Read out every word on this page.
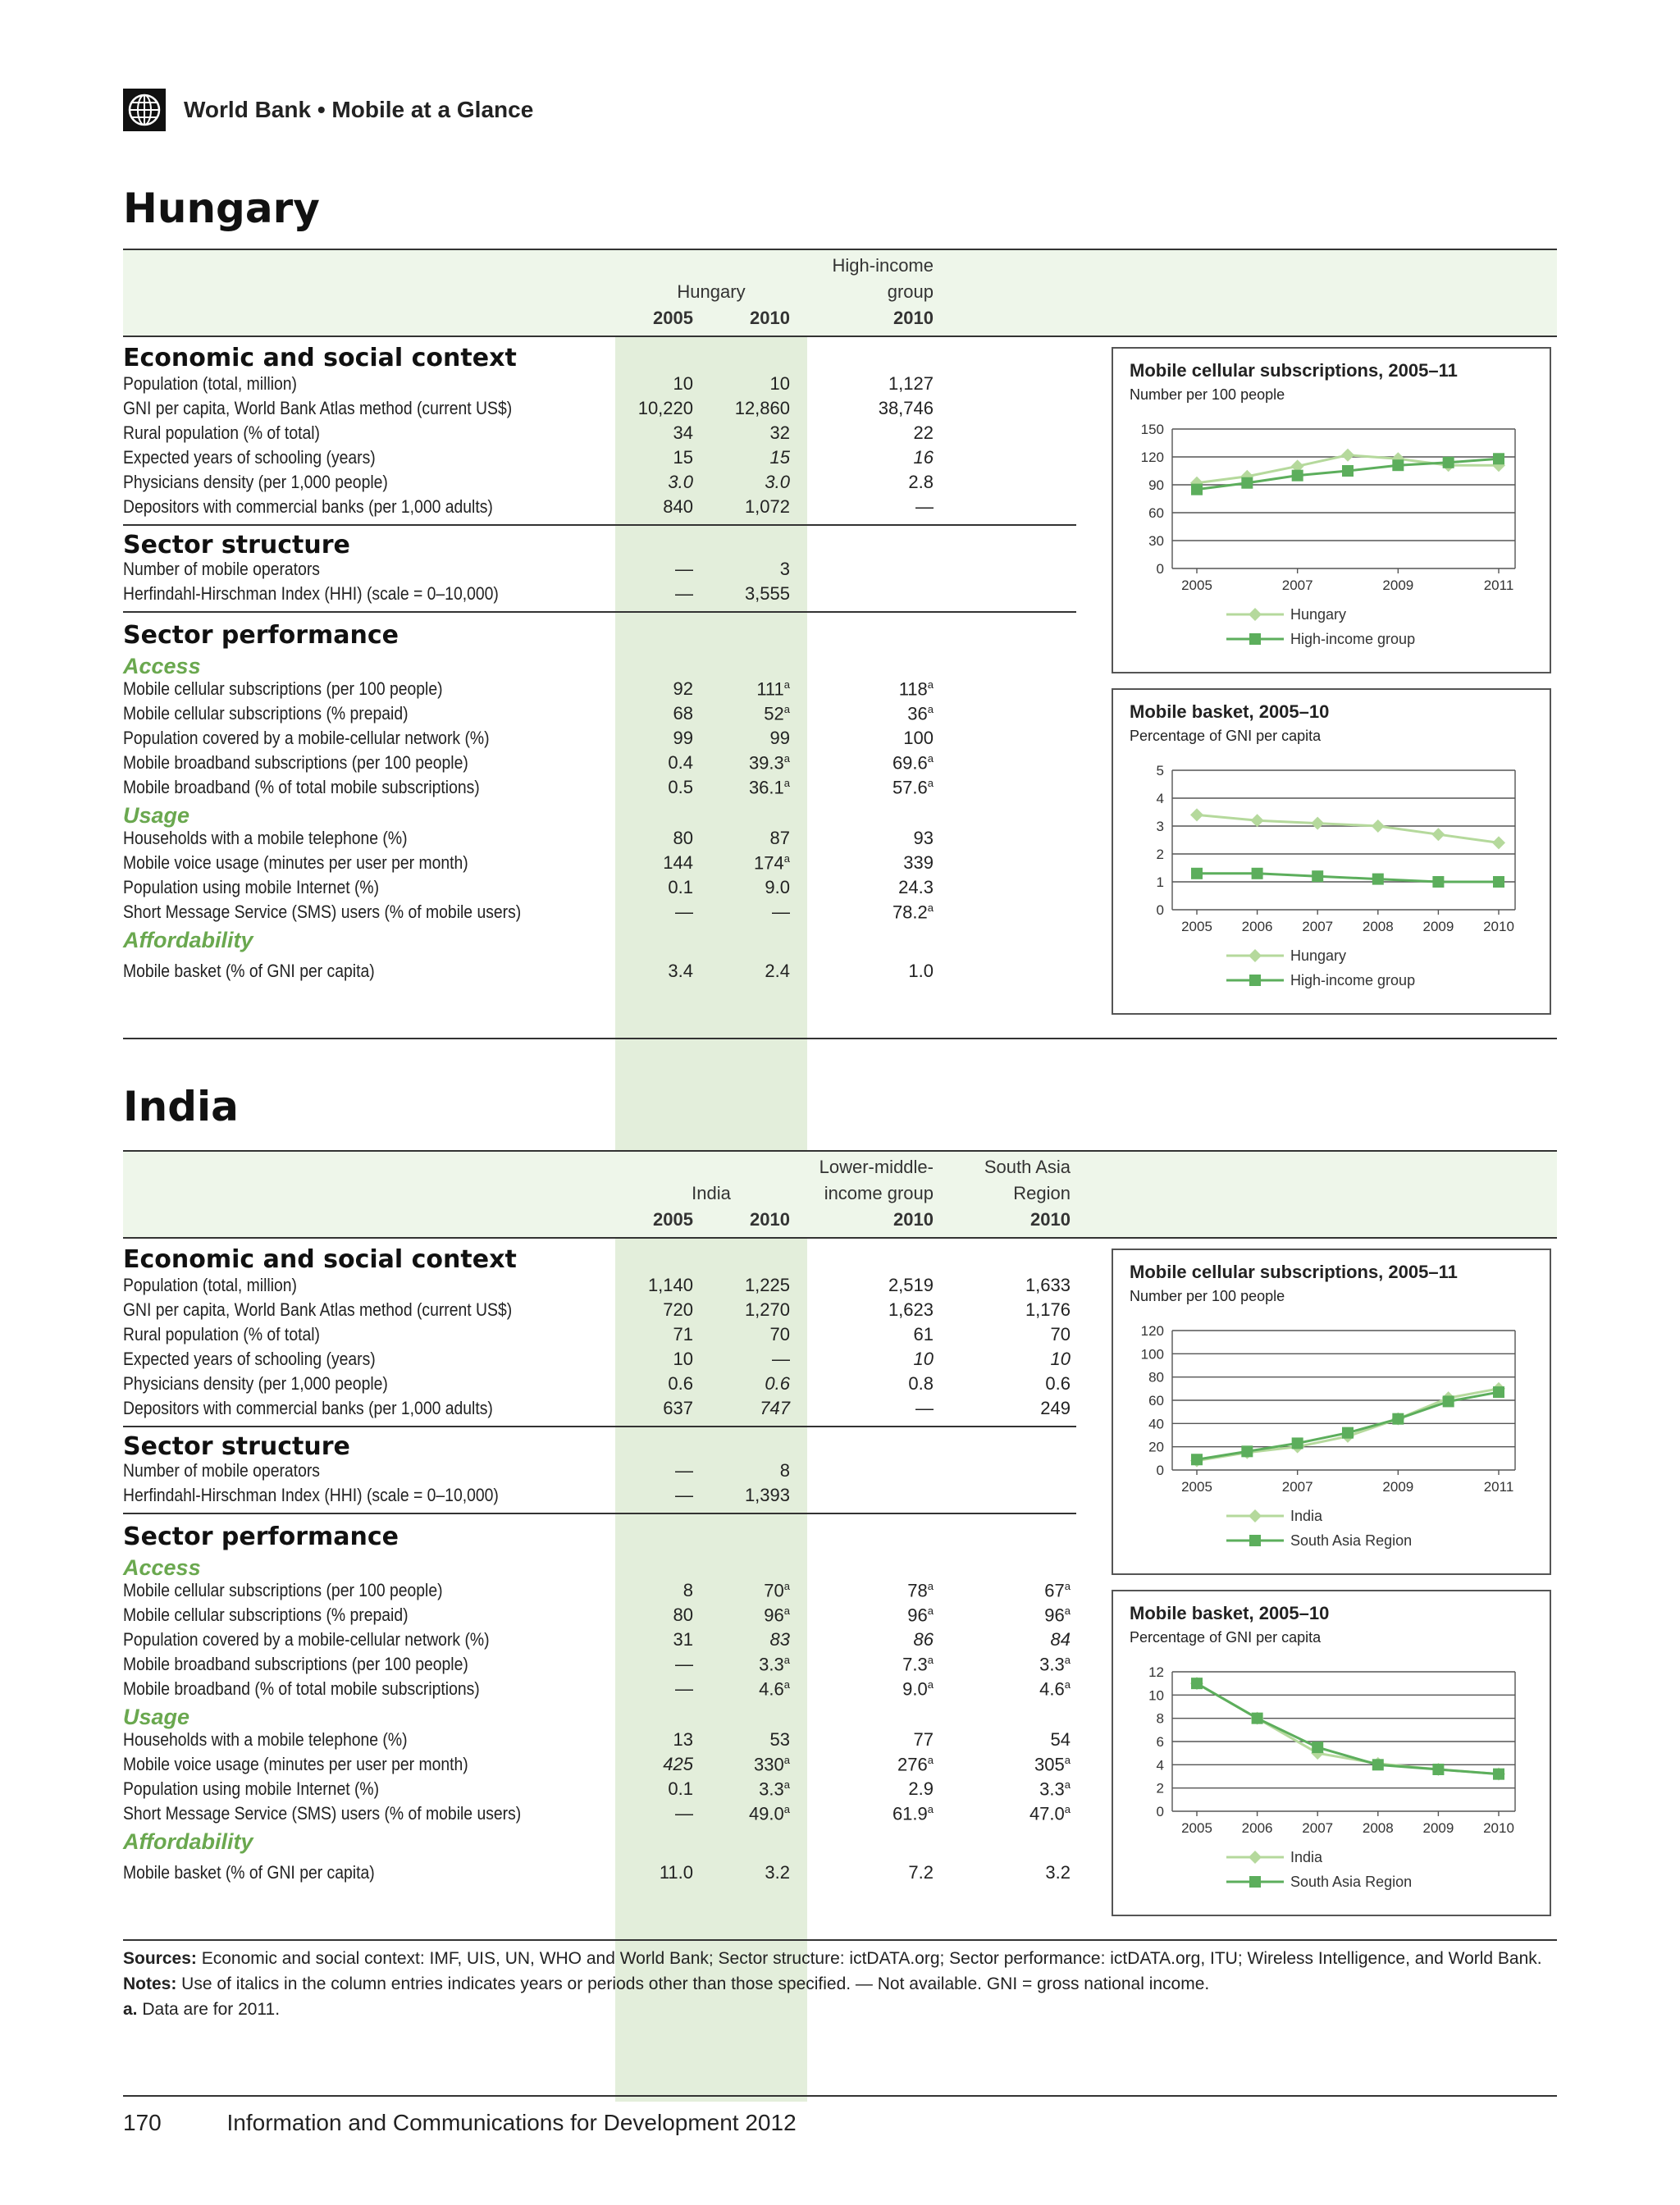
World Bank • Mobile at a Glance
Hungary
Hungary
2005	2010
High-income
group
2010
Economic and social context
Population (total, million)	10	10	1,127
GNI per capita, World Bank Atlas method (current US$)	10,220	12,860	38,746
Rural population (% of total)	34	32	22
Expected years of schooling (years)	15	15	16
Physicians density (per 1,000 people)	3.0	3.0	2.8
Depositors with commercial banks (per 1,000 adults)	840	1,072	—
Sector structure
Number of mobile operators	—	3
Herfindahl-Hirschman Index (HHI) (scale = 0–10,000)	—	3,555
Sector performance
Access
Mobile cellular subscriptions (per 100 people)	92	111$^a$	118$^a$
Mobile cellular subscriptions (% prepaid)	68	52$^a$	36$^a$
Population covered by a mobile-cellular network (%)	99	99	100
Mobile broadband subscriptions (per 100 people)	0.4	39.3$^a$	69.6$^a$
Mobile broadband (% of total mobile subscriptions)	0.5	36.1$^a$	57.6$^a$
Usage
Households with a mobile telephone (%)	80	87	93
Mobile voice usage (minutes per user per month)	144	174$^a$	339
Population using mobile Internet (%)	0.1	9.0	24.3
Short Message Service (SMS) users (% of mobile users)	—	—	78.2$^a$
Affordability
Mobile basket (% of GNI per capita)	3.4	2.4	1.0
Mobile cellular subscriptions, 2005–11
Number per 100 people
0
30
60
90
120
150
2005	2007	2009	2011
Hungary
High-income group
Mobile basket, 2005–10
Percentage of GNI per capita
0
1
2
3
4
5
2005 2006 2007 2008 2009 2010
Hungary
High-income group
India
India
2005	2010
Lower-middle-
income group
2010
South Asia
Region
2010
Economic and social context
Population (total, million)	1,140	1,225	2,519	1,633
GNI per capita, World Bank Atlas method (current US$)	720	1,270	1,623	1,176
Rural population (% of total)	71	70	61	70
Expected years of schooling (years)	10	—	10	10
Physicians density (per 1,000 people)	0.6	0.6	0.8	0.6
Depositors with commercial banks (per 1,000 adults)	637	747	—	249
Sector structure
Number of mobile operators	—	8
Herfindahl-Hirschman Index (HHI) (scale = 0–10,000)	—	1,393
Sector performance
Access
Mobile cellular subscriptions (per 100 people)	8	70$^a$	78$^a$	67$^a$
Mobile cellular subscriptions (% prepaid)	80	96$^a$	96$^a$	96$^a$
Population covered by a mobile-cellular network (%)	31	83	86	84
Mobile broadband subscriptions (per 100 people)	—	3.3$^a$	7.3$^a$	3.3$^a$
Mobile broadband (% of total mobile subscriptions)	—	4.6$^a$	9.0$^a$	4.6$^a$
Usage
Households with a mobile telephone (%)	13	53	77	54
Mobile voice usage (minutes per user per month)	425	330$^a$	276$^a$	305$^a$
Population using mobile Internet (%)	0.1	3.3$^a$	2.9	3.3$^a$
Short Message Service (SMS) users (% of mobile users)	—	49.0$^a$	61.9$^a$	47.0$^a$
Affordability
Mobile basket (% of GNI per capita)	11.0	3.2	7.2	3.2
Mobile cellular subscriptions, 2005–11
Number per 100 people
0
20
40
60
80
100
120
2005	2007	2009	2011
India
South Asia Region
Mobile basket, 2005–10
Percentage of GNI per capita
0
2
4
6
8
10
12
2005 2006 2007 2008 2009 2010
India
South Asia Region
Sources: Economic and social context: IMF, UIS, UN, WHO and World Bank; Sector structure: ictDATA.org; Sector performance: ictDATA.org, ITU; Wireless Intelligence, and World Bank.
Notes: Use of italics in the column entries indicates years or periods other than those specified. — Not available. GNI = gross national income.
a. Data are for 2011.
170	Information and Communications for Development 2012
